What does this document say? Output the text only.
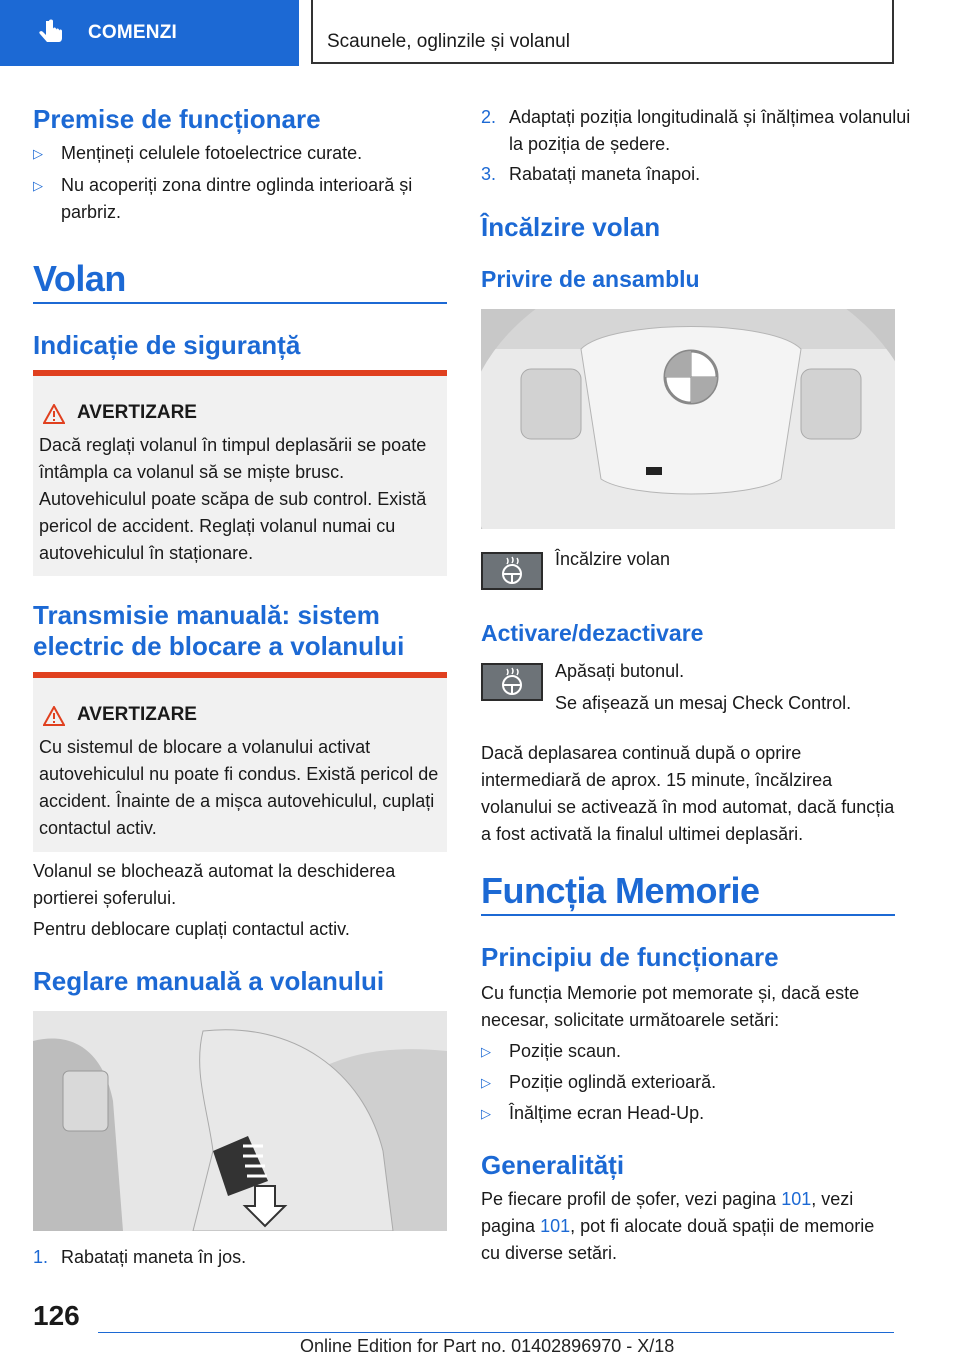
COMENZI	Scaunele, oglinzile și volanul
Premise de funcționare
▷ Mențineți celulele fotoelectrice curate.
▷ Nu acoperiți zona dintre oglinda interioară și parbriz.
Volan
Indicație de siguranță
AVERTIZARE
Dacă reglați volanul în timpul deplasării se poate întâmpla ca volanul să se miște brusc. Autovehiculul poate scăpa de sub control. Există pericol de accident. Reglați volanul numai cu autovehiculul în staționare.
Transmisie manuală: sistem electric de blocare a volanului
AVERTIZARE
Cu sistemul de blocare a volanului activat autovehiculul nu poate fi condus. Există pericol de accident. Înainte de a mișca autovehiculul, cuplați contactul activ.
Volanul se blochează automat la deschiderea portierei șoferului.
Pentru deblocare cuplați contactul activ.
Reglare manuală a volanului
1. Rabatați maneta în jos.
2. Adaptați poziția longitudinală și înălțimea volanului la poziția de ședere.
3. Rabatați maneta înapoi.
Încălzire volan
Privire de ansamblu
Încălzire volan
Activare/dezactivare
Apăsați butonul.
Se afișează un mesaj Check Control.
Dacă deplasarea continuă după o oprire intermediară de aprox. 15 minute, încălzirea volanului se activează în mod automat, dacă funcția a fost activată la finalul ultimei deplasări.
Funcția Memorie
Principiu de funcționare
Cu funcția Memorie pot memorate și, dacă este necesar, solicitate următoarele setări:
▷ Poziție scaun.
▷ Poziție oglindă exterioară.
▷ Înălțime ecran Head-Up.
Generalități
Pe fiecare profil de șofer, vezi pagina 101, vezi pagina 101, pot fi alocate două spații de memorie cu diverse setări.
126
Online Edition for Part no. 01402896970 - X/18
